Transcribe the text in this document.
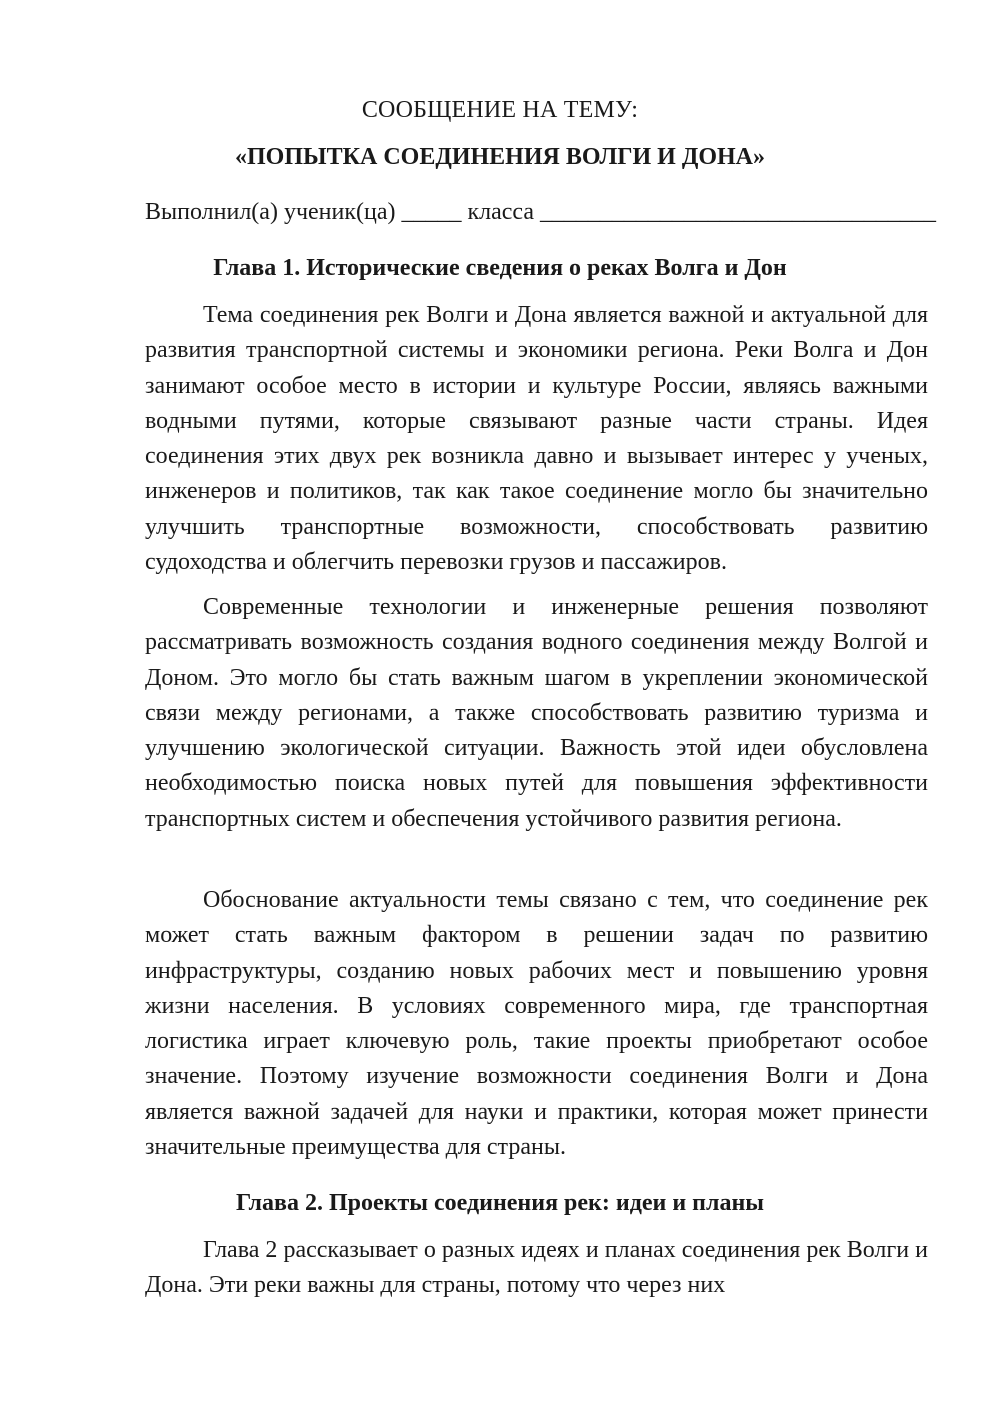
СООБЩЕНИЕ НА ТЕМУ:
«ПОПЫТКА СОЕДИНЕНИЯ ВОЛГИ И ДОНА»
Выполнил(а) ученик(ца) _____ класса _________________________________
Глава 1. Исторические сведения о реках Волга и Дон

Тема соединения рек Волги и Дона является важной и актуальной для развития транспортной системы и экономики региона. Реки Волга и Дон занимают особое место в истории и культуре России, являясь важными водными путями, которые связывают разные части страны. Идея соединения этих двух рек возникла давно и вызывает интерес у ученых, инженеров и политиков, так как такое соединение могло бы значительно улучшить транспортные возможности, способствовать развитию судоходства и облегчить перевозки грузов и пассажиров.

Современные технологии и инженерные решения позволяют рассматривать возможность создания водного соединения между Волгой и Доном. Это могло бы стать важным шагом в укреплении экономической связи между регионами, а также способствовать развитию туризма и улучшению экологической ситуации. Важность этой идеи обусловлена необходимостью поиска новых путей для повышения эффективности транспортных систем и обеспечения устойчивого развития региона.

Обоснование актуальности темы связано с тем, что соединение рек может стать важным фактором в решении задач по развитию инфраструктуры, созданию новых рабочих мест и повышению уровня жизни населения. В условиях современного мира, где транспортная логистика играет ключевую роль, такие проекты приобретают особое значение. Поэтому изучение возможности соединения Волги и Дона является важной задачей для науки и практики, которая может принести значительные преимущества для страны.

Глава 2. Проекты соединения рек: идеи и планы

Глава 2 рассказывает о разных идеях и планах соединения рек Волги и Дона. Эти реки важны для страны, потому что через них
